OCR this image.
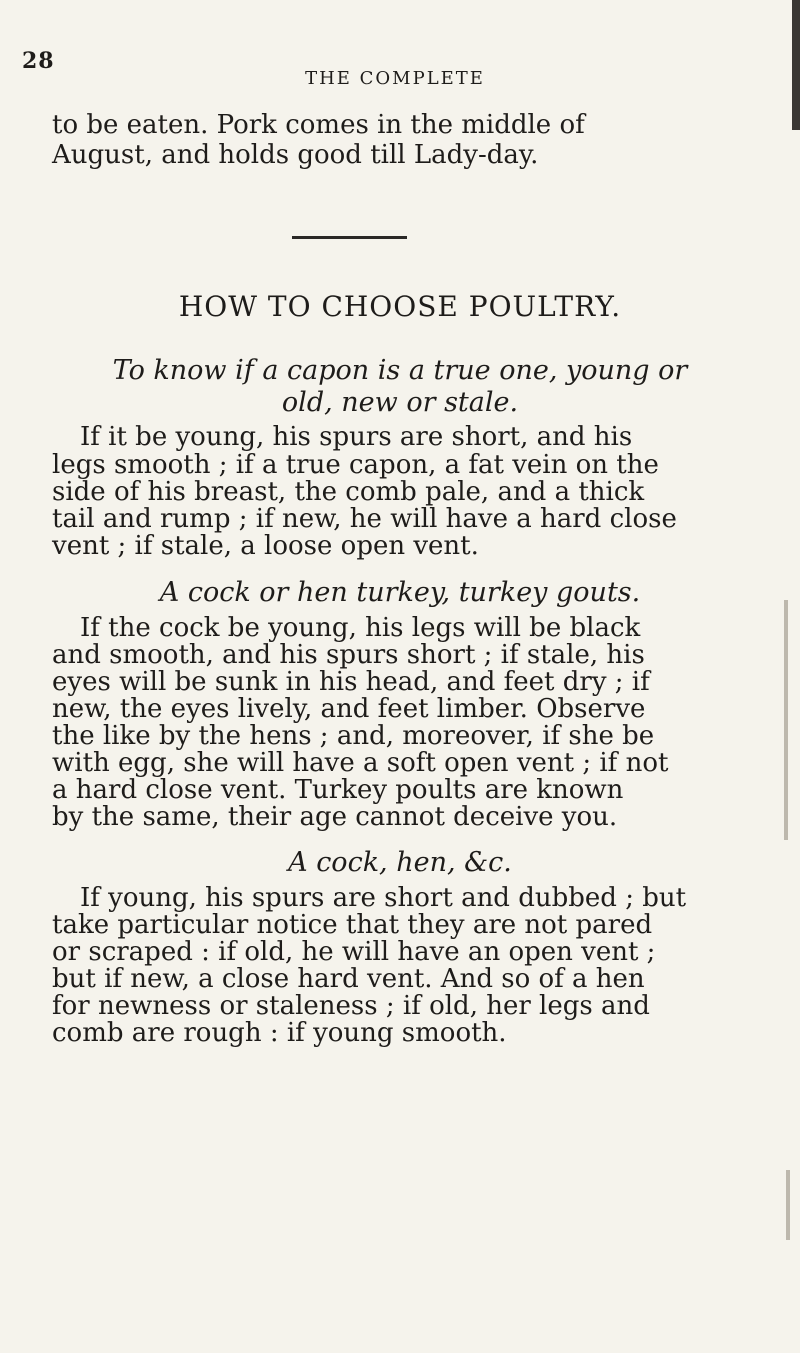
28
THE COMPLETE
to be eaten. Pork comes in the middle of
August, and holds good till Lady-day.
HOW TO CHOOSE POULTRY.
To know if a capon is a true one, young or
old, new or stale.
If it be young, his spurs are short, and his
legs smooth ; if a true capon, a fat vein on the
side of his breast, the comb pale, and a thick
tail and rump ; if new, he will have a hard close
vent ; if stale, a loose open vent.
A cock or hen turkey, turkey gouts.
If the cock be young, his legs will be black
and smooth, and his spurs short ; if stale, his
eyes will be sunk in his head, and feet dry ; if
new, the eyes lively, and feet limber. Observe
the like by the hens ; and, moreover, if she be
with egg, she will have a soft open vent ; if not
a hard close vent. Turkey poults are known
by the same, their age cannot deceive you.
A cock, hen, &c.
If young, his spurs are short and dubbed ; but
take particular notice that they are not pared
or scraped : if old, he will have an open vent ;
but if new, a close hard vent. And so of a hen
for newness or staleness ; if old, her legs and
comb are rough : if young smooth.
